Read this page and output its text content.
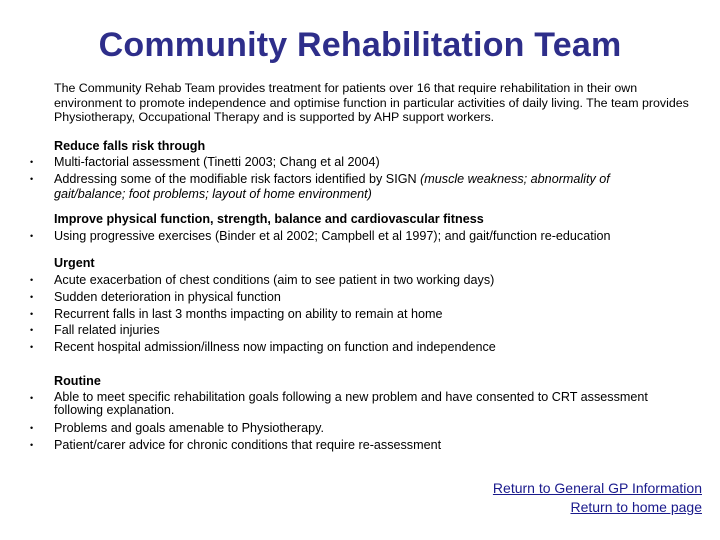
Community Rehabilitation Team
The Community Rehab Team provides treatment for patients over 16 that require rehabilitation in their own environment to promote independence and optimise function in particular activities of daily living. The team provides Physiotherapy, Occupational Therapy and is supported by AHP support workers.
Reduce falls risk through
•	Multi-factorial assessment (Tinetti 2003; Chang et al 2004)
•	Addressing some of the modifiable risk factors identified by SIGN (muscle weakness; abnormality of gait/balance; foot problems; layout of home environment)
Improve physical function, strength, balance and cardiovascular fitness
•	Using progressive exercises (Binder et al 2002; Campbell et al 1997); and gait/function re-education
Urgent
•	Acute exacerbation of chest conditions (aim to see patient in two working days)
•	Sudden deterioration in physical function
•	Recurrent falls in last 3 months impacting on ability to remain at home
•	Fall related injuries
•	Recent hospital admission/illness now impacting on function and independence
Routine
•	Able to meet specific rehabilitation goals following a new problem and have consented to CRT assessment following explanation.
•	Problems and goals amenable to Physiotherapy.
•	Patient/carer advice for chronic conditions that require re-assessment
Return to General GP Information
Return to home page
